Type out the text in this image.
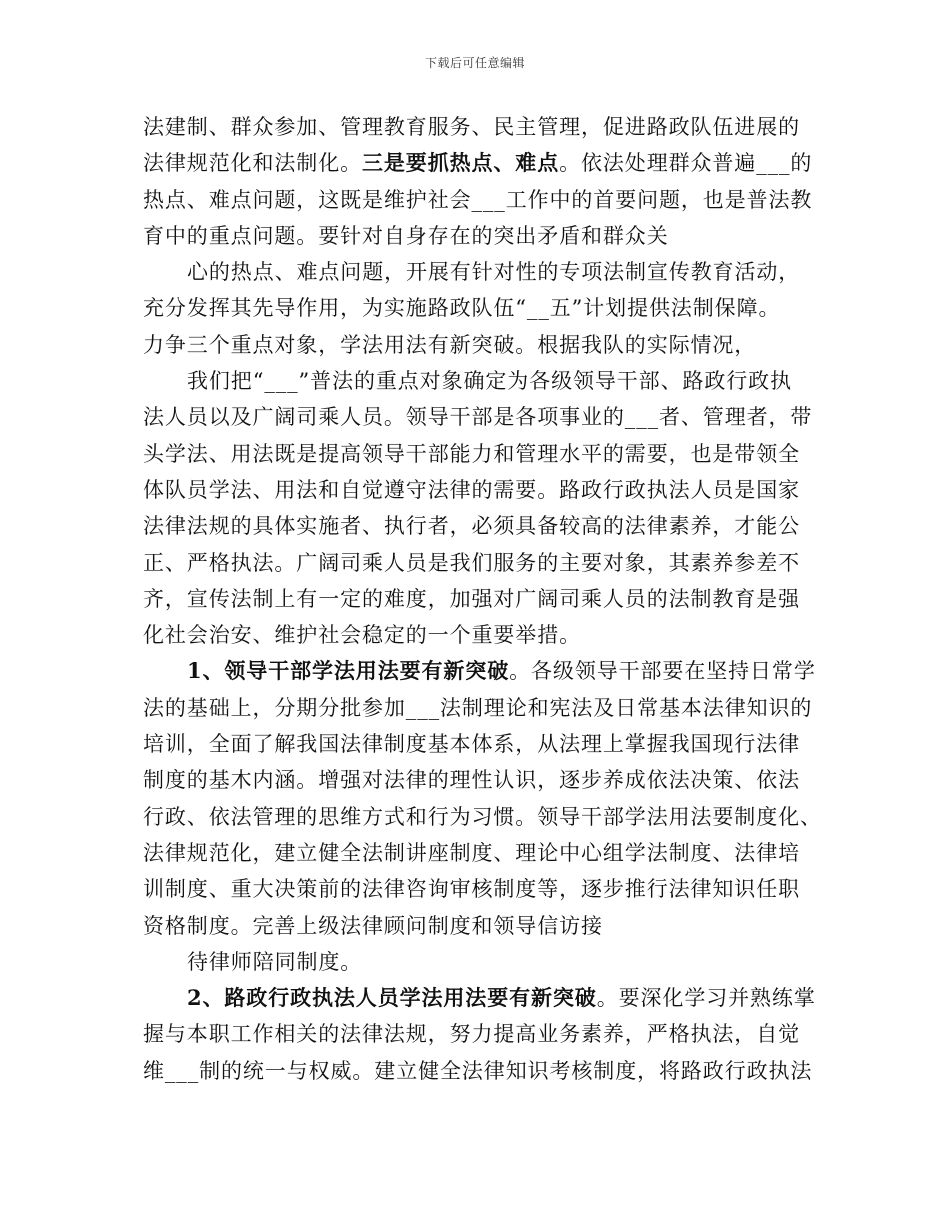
下载后可任意编辑
法建制、群众参加、管理教育服务、民主管理，促进路政队伍进展的
法律规范化和法制化。三是要抓热点、难点。依法处理群众普遍___的
热点、难点问题，这既是维护社会___工作中的首要问题，也是普法教
育中的重点问题。要针对自身存在的突出矛盾和群众关
心的热点、难点问题，开展有针对性的专项法制宣传教育活动，
充分发挥其先导作用，为实施路政队伍“__五”计划提供法制保障。
力争三个重点对象，学法用法有新突破。根据我队的实际情况，
我们把“___”普法的重点对象确定为各级领导干部、路政行政执
法人员以及广阔司乘人员。领导干部是各项事业的___者、管理者，带
头学法、用法既是提高领导干部能力和管理水平的需要，也是带领全
体队员学法、用法和自觉遵守法律的需要。路政行政执法人员是国家
法律法规的具体实施者、执行者，必须具备较高的法律素养，才能公
正、严格执法。广阔司乘人员是我们服务的主要对象，其素养参差不
齐，宣传法制上有一定的难度，加强对广阔司乘人员的法制教育是强
化社会治安、维护社会稳定的一个重要举措。
1、领导干部学法用法要有新突破。各级领导干部要在坚持日常学
法的基础上，分期分批参加___法制理论和宪法及日常基本法律知识的
培训，全面了解我国法律制度基本体系，从法理上掌握我国现行法律
制度的基木内涵。增强对法律的理性认识，逐步养成依法决策、依法
行政、依法管理的思维方式和行为习惯。领导干部学法用法要制度化、
法律规范化，建立健全法制讲座制度、理论中心组学法制度、法律培
训制度、重大决策前的法律咨询审核制度等，逐步推行法律知识任职
资格制度。完善上级法律顾问制度和领导信访接
待律师陪同制度。
2、路政行政执法人员学法用法要有新突破。要深化学习并熟练掌
握与本职工作相关的法律法规，努力提高业务素养，严格执法，自觉
维___制的统一与权威。建立健全法律知识考核制度，将路政行政执法
